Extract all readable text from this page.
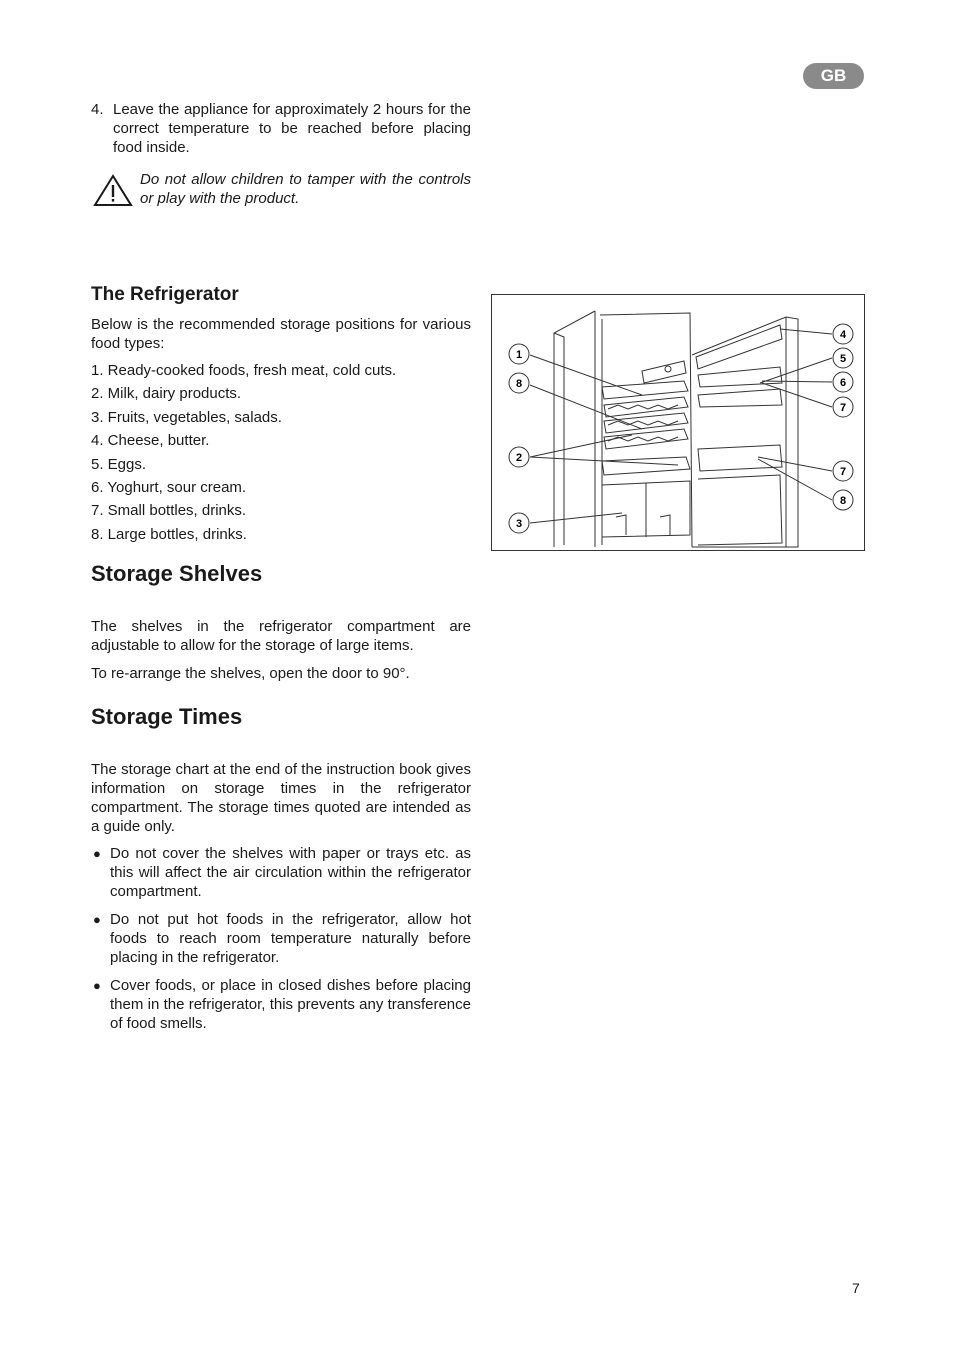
GB
4. Leave the appliance for approximately 2 hours for the correct temperature to be reached before placing food inside.
Do not allow children to tamper with the controls or play with the product.
The Refrigerator

Below is the recommended storage positions for various food types:

1. Ready-cooked foods, fresh meat, cold cuts.
2. Milk, dairy products.
3. Fruits, vegetables, salads.
4. Cheese, butter.
5. Eggs.
6. Yoghurt, sour cream.
7. Small bottles, drinks.
8. Large bottles, drinks.
Storage Shelves

The shelves in the refrigerator compartment are adjustable to allow for the storage of large items.

To re-arrange the shelves, open the door to 90°.

Storage Times

The storage chart at the end of the instruction book gives information on storage times in the refrigerator compartment. The storage times quoted are intended as a guide only.

● Do not cover the shelves with paper or trays etc. as this will affect the air circulation within the refrigerator compartment.
● Do not put hot foods in the refrigerator, allow hot foods to reach room temperature naturally before placing in the refrigerator.
● Cover foods, or place in closed dishes before placing them in the refrigerator, this prevents any transference of food smells.
1
8
2
3
4
5
6
7
7
8
7
